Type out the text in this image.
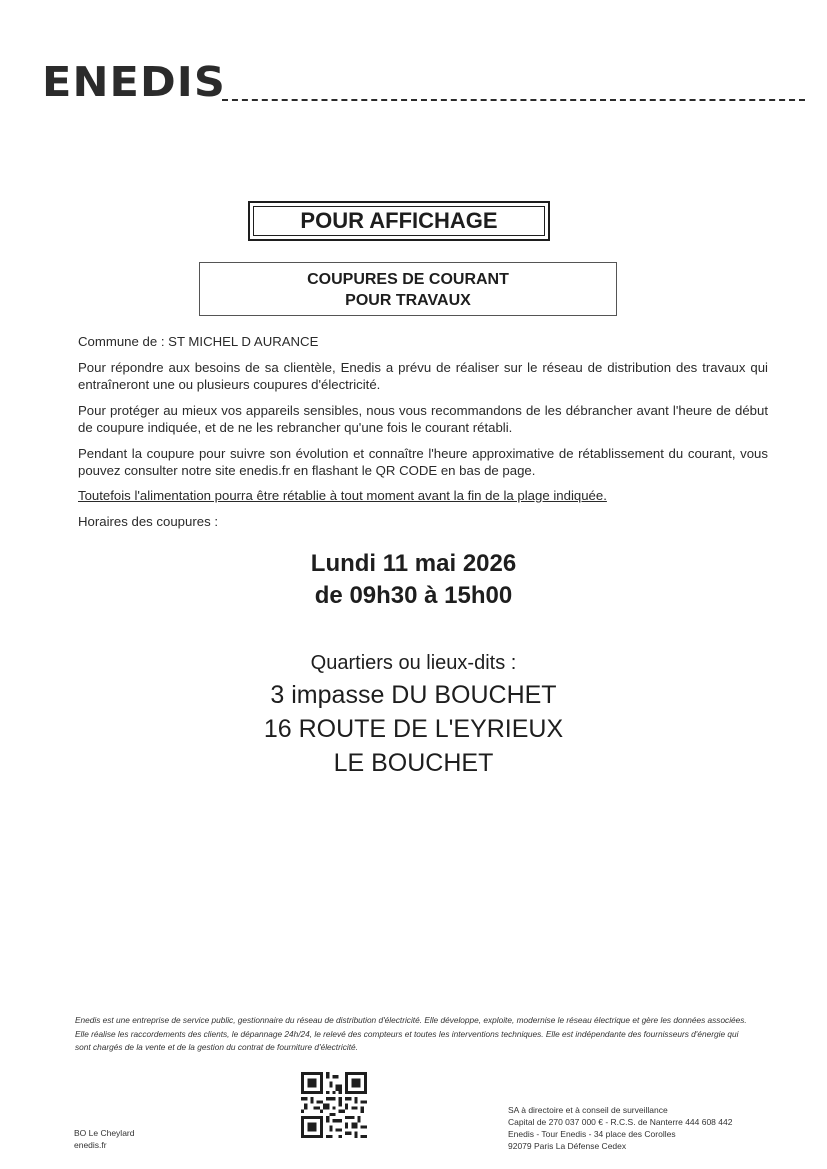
ENEDIS
POUR AFFICHAGE
COUPURES DE COURANT
POUR TRAVAUX
Commune de : ST MICHEL D AURANCE
Pour répondre aux besoins de sa clientèle, Enedis a prévu de réaliser sur le réseau de distribution des travaux qui entraîneront une ou plusieurs coupures d'électricité.
Pour protéger au mieux vos appareils sensibles, nous vous recommandons de les débrancher avant l'heure de début de coupure indiquée, et de ne les rebrancher qu'une fois le courant rétabli.
Pendant la coupure pour suivre son évolution et connaître l'heure approximative de rétablissement du courant, vous pouvez consulter notre site enedis.fr en flashant le QR CODE en bas de page.
Toutefois l'alimentation pourra être rétablie à tout moment avant la fin de la plage indiquée.
Horaires des coupures :
Lundi 11 mai 2026
de 09h30 à 15h00
Quartiers ou lieux-dits :
3 impasse DU BOUCHET
16 ROUTE DE L'EYRIEUX
LE BOUCHET
Enedis est une entreprise de service public, gestionnaire du réseau de distribution d'électricité. Elle développe, exploite, modernise le réseau électrique et gère les données associées. Elle réalise les raccordements des clients, le dépannage 24h/24, le relevé des compteurs et toutes les interventions techniques. Elle est indépendante des fournisseurs d'énergie qui sont chargés de la vente et de la gestion du contrat de fourniture d'électricité.
BO Le Cheylard
enedis.fr
SA à directoire et à conseil de surveillance
Capital de 270 037 000 € - R.C.S. de Nanterre 444 608 442
Enedis - Tour Enedis - 34 place des Corolles
92079 Paris La Défense Cedex
